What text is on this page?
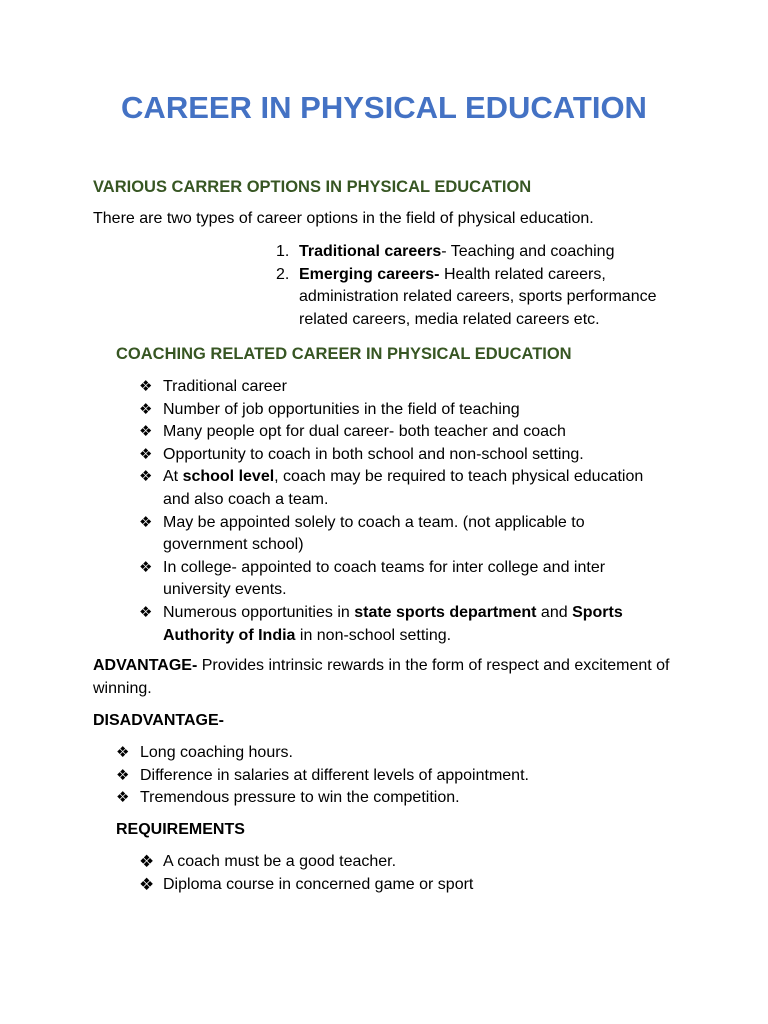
CAREER IN PHYSICAL EDUCATION
VARIOUS CARRER OPTIONS IN PHYSICAL EDUCATION

There are two types of career options in the field of physical education.

1. Traditional careers- Teaching and coaching
2. Emerging careers- Health related careers, administration related careers, sports performance related careers, media related careers etc.
COACHING RELATED CAREER IN PHYSICAL EDUCATION
❖ Traditional career
❖ Number of job opportunities in the field of teaching
❖ Many people opt for dual career- both teacher and coach
❖ Opportunity to coach in both school and non-school setting.
❖ At school level, coach may be required to teach physical education and also coach a team.
❖ May be appointed solely to coach a team. (not applicable to government school)
❖ In college- appointed to coach teams for inter college and inter university events.
❖ Numerous opportunities in state sports department and Sports Authority of India in non-school setting.

ADVANTAGE- Provides intrinsic rewards in the form of respect and excitement of winning.

DISADVANTAGE-
❖ Long coaching hours.
❖ Difference in salaries at different levels of appointment.
❖ Tremendous pressure to win the competition.
REQUIREMENTS
❖ A coach must be a good teacher.
❖ Diploma course in concerned game or sport
